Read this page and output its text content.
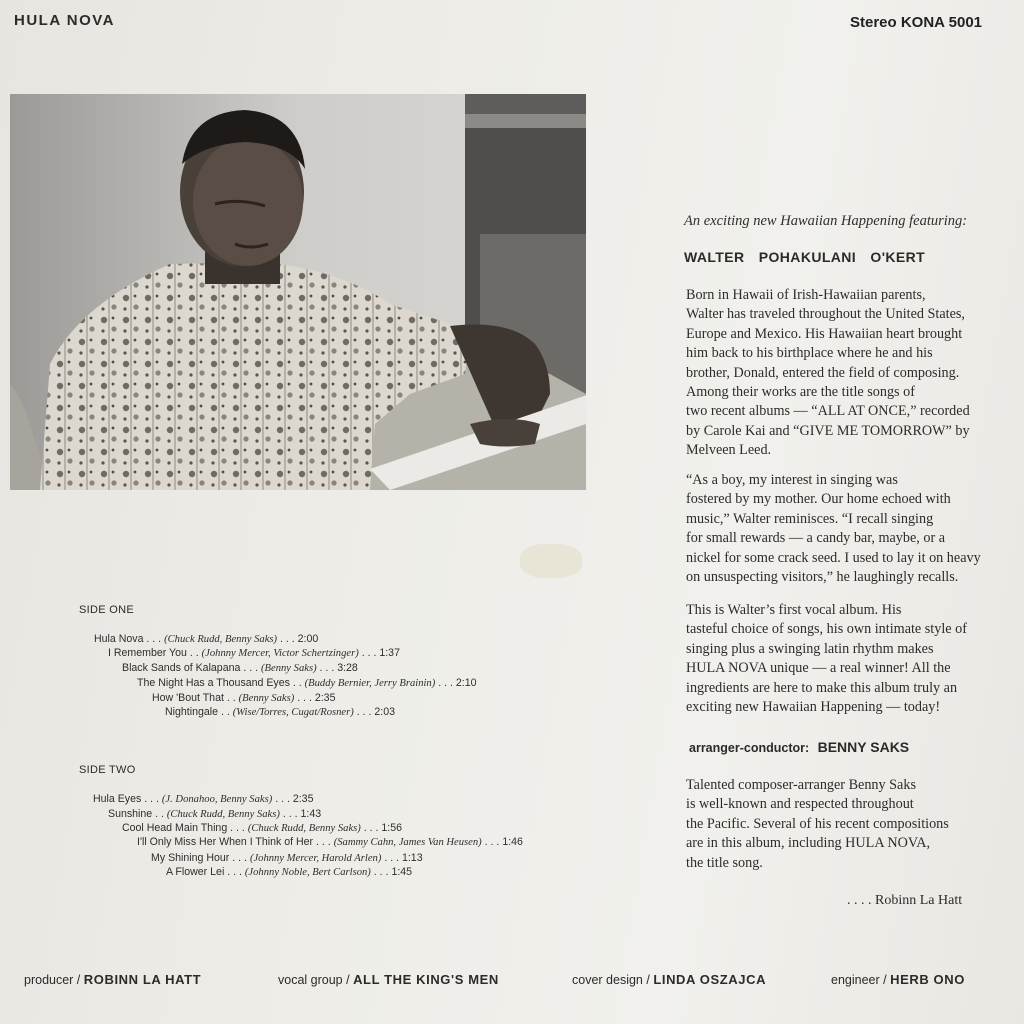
HULA NOVA	Stereo KONA 5001
An exciting new Hawaiian Happening featuring:
WALTER POHAKULANI O'KERT
Born in Hawaii of Irish-Hawaiian parents,
Walter has traveled throughout the United States,
Europe and Mexico. His Hawaiian heart brought
him back to his birthplace where he and his
brother, Donald, entered the field of composing.
Among their works are the title songs of
two recent albums — “ALL AT ONCE,” recorded
by Carole Kai and “GIVE ME TOMORROW” by
Melveen Leed.
“As a boy, my interest in singing was
fostered by my mother. Our home echoed with
music,” Walter reminisces. “I recall singing
for small rewards — a candy bar, maybe, or a
nickel for some crack seed. I used to lay it on heavy
on unsuspecting visitors,” he laughingly recalls.
This is Walter’s first vocal album. His
tasteful choice of songs, his own intimate style of
singing plus a swinging latin rhythm makes
HULA NOVA unique — a real winner! All the
ingredients are here to make this album truly an
exciting new Hawaiian Happening — today!
arranger-conductor: BENNY SAKS
Talented composer-arranger Benny Saks
is well-known and respected throughout
the Pacific. Several of his recent compositions
are in this album, including HULA NOVA,
the title song.
. . . . Robinn La Hatt
SIDE ONE
Hula Nova . . . (Chuck Rudd, Benny Saks) . . . 2:00
I Remember You . . (Johnny Mercer, Victor Schertzinger) . . . 1:37
Black Sands of Kalapana . . . (Benny Saks) . . . 3:28
The Night Has a Thousand Eyes . . (Buddy Bernier, Jerry Brainin) . . . 2:10
How 'Bout That . . (Benny Saks) . . . 2:35
Nightingale . . (Wise/Torres, Cugat/Rosner) . . . 2:03
SIDE TWO
Hula Eyes . . . (J. Donahoo, Benny Saks) . . . 2:35
Sunshine . . (Chuck Rudd, Benny Saks) . . . 1:43
Cool Head Main Thing . . . (Chuck Rudd, Benny Saks) . . . 1:56
I'll Only Miss Her When I Think of Her . . . (Sammy Cahn, James Van Heusen) . . . 1:46
My Shining Hour . . . (Johnny Mercer, Harold Arlen) . . . 1:13
A Flower Lei . . . (Johnny Noble, Bert Carlson) . . . 1:45
producer / ROBINN LA HATT	vocal group / ALL THE KING'S MEN	cover design / LINDA OSZAJCA	engineer / HERB ONO
